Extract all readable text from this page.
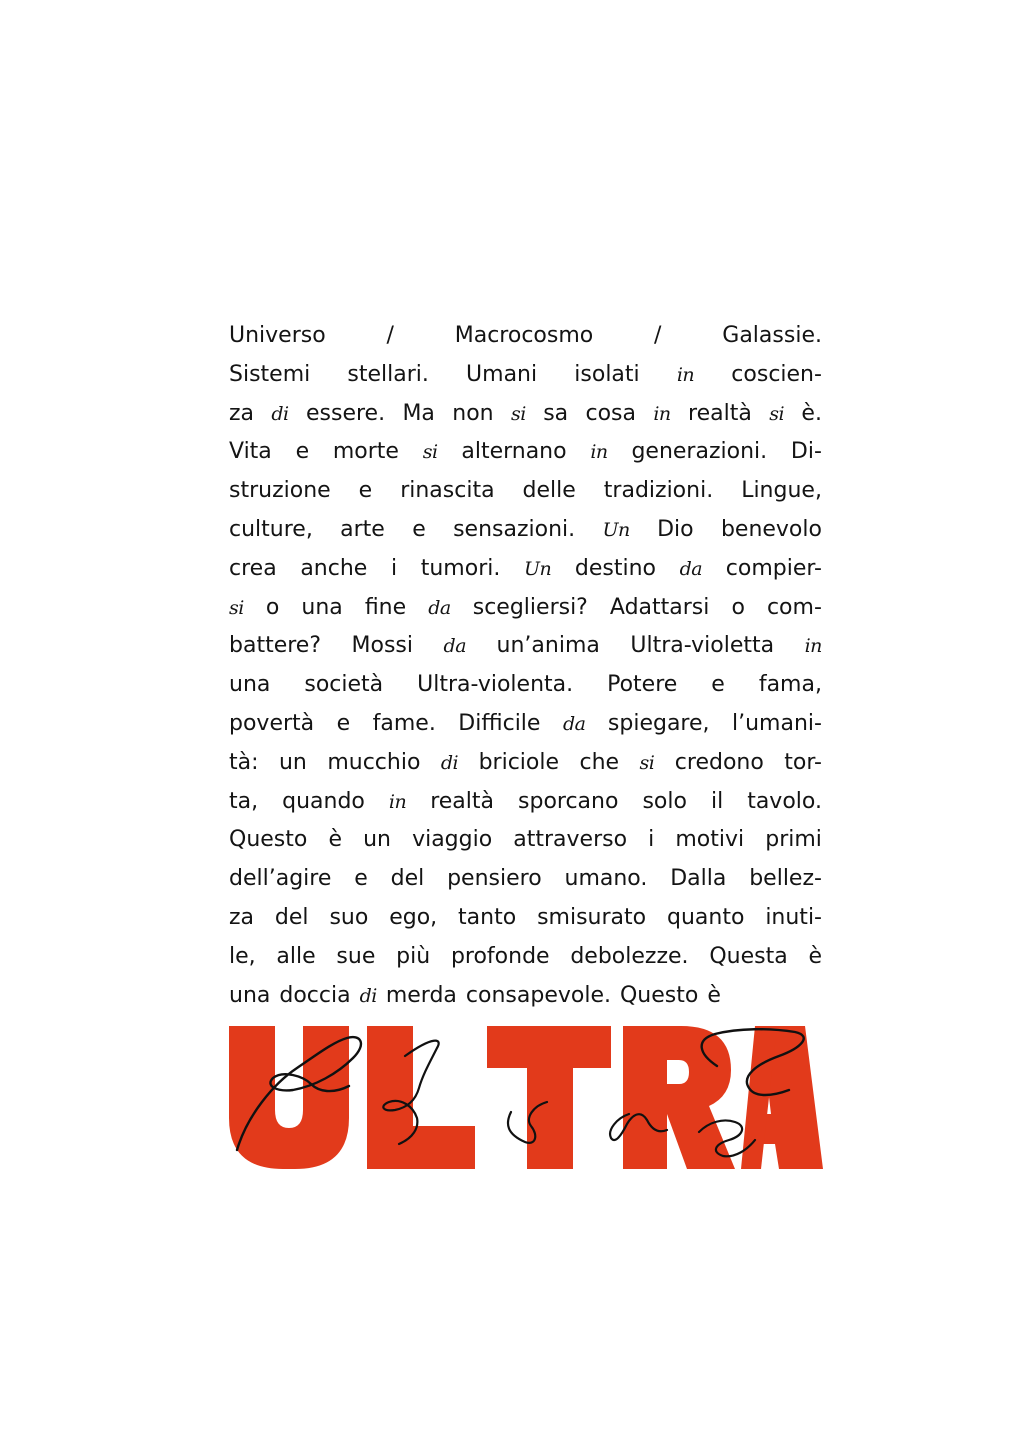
Universo	/	Macrocosmo	/	Galassie.
Sistemi stellari. Umani isolati in coscien-
za di essere. Ma non si sa cosa in realtà si è.
Vita e morte si alternano in generazioni. Di-
struzione e rinascita delle tradizioni. Lingue,
culture, arte e sensazioni. Un Dio benevolo
crea anche i tumori. Un destino da compier-
si o una fine da scegliersi? Adattarsi o com-
battere? Mossi da un’anima Ultra-violetta in
una società Ultra-violenta. Potere e fama,
povertà e fame. Difficile da spiegare, l’umani-
tà: un mucchio di briciole che si credono tor-
ta, quando in realtà sporcano solo il tavolo.
Questo è un viaggio attraverso i motivi primi
dell’agire e del pensiero umano. Dalla bellez-
za del suo ego, tanto smisurato quanto inuti-
le, alle sue più profonde debolezze. Questa è
una doccia di merda consapevole. Questo è
